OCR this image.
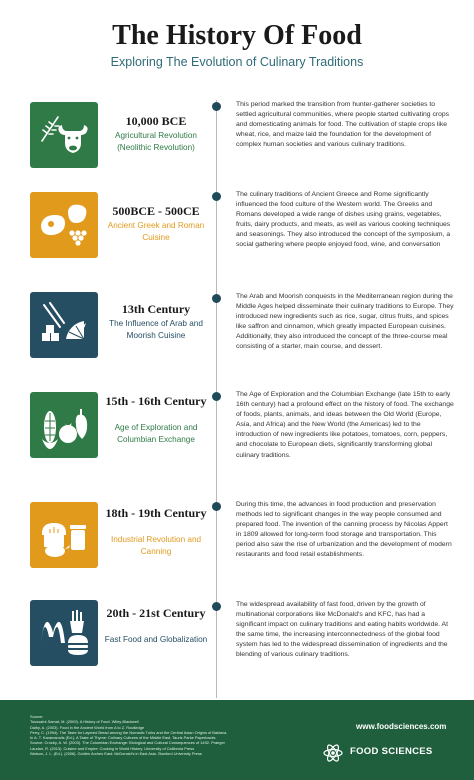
The History Of Food
Exploring The Evolution of Culinary Traditions
10,000 BCE
Agricultural Revolution (Neolithic Revolution)
This period marked the transition from hunter-gatherer societies to settled agricultural communities, where people started cultivating crops and domesticating animals for food. The cultivation of staple crops like wheat, rice, and maize laid the foundation for the development of complex human societies and various culinary traditions.
500BCE - 500CE
Ancient Greek and Roman Cuisine
The culinary traditions of Ancient Greece and Rome significantly influenced the food culture of the Western world. The Greeks and Romans developed a wide range of dishes using grains, vegetables, fruits, dairy products, and meats, as well as various cooking techniques and seasonings. They also introduced the concept of the symposium, a social gathering where people enjoyed food, wine, and conversation
13th Century
The Influence of Arab and Moorish Cuisine
The Arab and Moorish conquests in the Mediterranean region during the Middle Ages helped disseminate their culinary traditions to Europe. They introduced new ingredients such as rice, sugar, citrus fruits, and spices like saffron and cinnamon, which greatly impacted European cuisines. Additionally, they also introduced the concept of the three-course meal consisting of a starter, main course, and dessert.
15th - 16th Century
Age of Exploration and Columbian Exchange
The Age of Exploration and the Columbian Exchange (late 15th to early 16th century) had a profound effect on the history of food. The exchange of foods, plants, animals, and ideas between the Old World (Europe, Asia, and Africa) and the New World (the Americas) led to the introduction of new ingredients like potatoes, tomatoes, corn, peppers, and chocolate to European diets, significantly transforming global culinary traditions.
18th - 19th Century
Industrial Revolution and Canning
During this time, the advances in food production and preservation methods led to significant changes in the way people consumed and prepared food. The invention of the canning process by Nicolas Appert in 1809 allowed for long-term food storage and transportation. This period also saw the rise of urbanization and the development of modern restaurants and food retail establishments.
20th - 21st Century
Fast Food and Globalization
The widespread availability of fast food, driven by the growth of multinational corporations like McDonald's and KFC, has had a significant impact on culinary traditions and eating habits worldwide. At the same time, the increasing interconnectedness of the global food system has led to the widespread dissemination of ingredients and the blending of various culinary traditions.
Source:
Toussaint-Samat, M. (2009). A History of Food. Wiley-Blackwell
Dalby, A. (2003). Food in the Ancient World from A to Z. Routledge
Perry, C. (1994). The Taste for Layered Bread among the Nomadic Turks and the Central Asian Origins of Baklava.
In A. T. Karamanolis (Ed.), A Taste of Thyme: Culinary Cultures of the Middle East. Tauris Parke Paperbacks
Source: Crosby, A. W. (2003). The Columbian Exchange: Biological and Cultural Consequences of 1492. Praeger
Laudan, R. (2013). Cuisine and Empire: Cooking in World History. University of California Press
Watson, J. L. (Ed.). (2006). Golden Arches East: McDonald's in East Asia. Stanford University Press
www.foodsciences.com
FOOD SCIENCES
